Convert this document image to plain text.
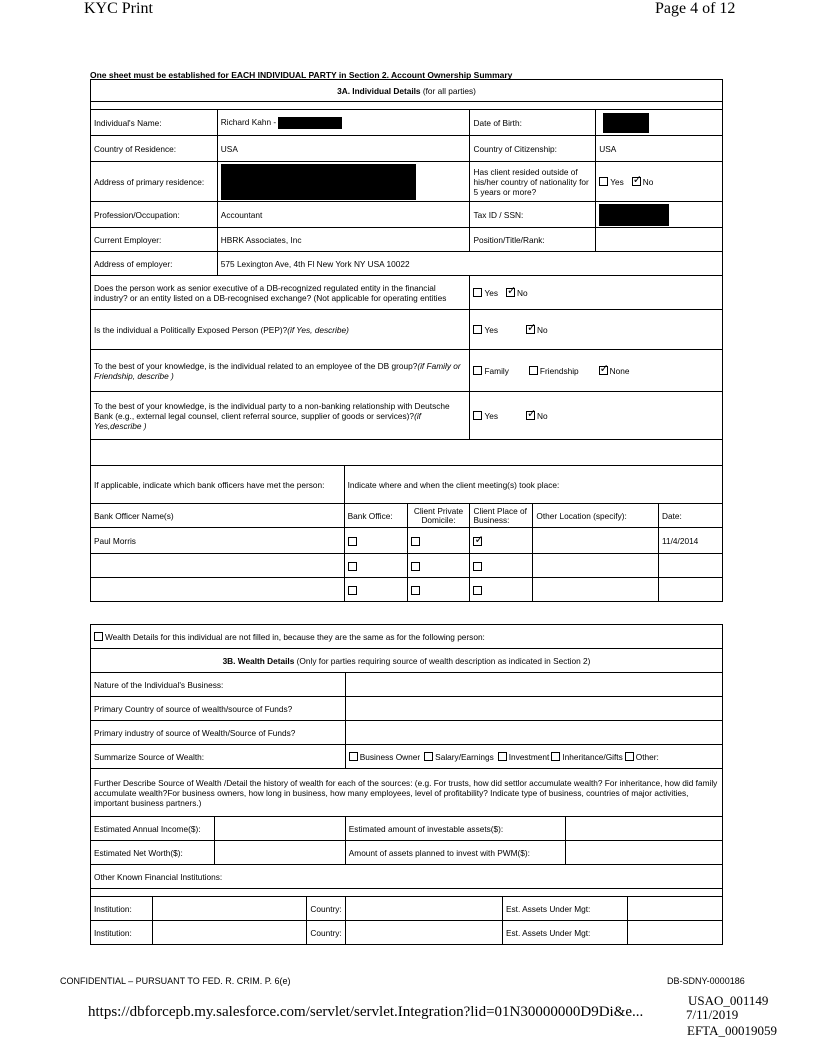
KYC Print	Page 4 of 12
One sheet must be established for EACH INDIVIDUAL PARTY in Section 2. Account Ownership Summary
3A. Individual Details (for all parties)							

Individual's Name:	Richard Kahn -			Date of Birth:			
Country of Residence:	USA			Country of Citizenship:		USA	
Address of primary residence:				Has client resided outside of his/her country of nationality for 5 years or more?		Yes ✓ No
Profession/Occupation:	Accountant			Tax ID / SSN:			
Current Employer:	HBRK Associates, Inc			Position/Title/Rank:			
Address of employer:	575 Lexington Ave, 4th Fl New York NY USA 10022						
Does the person work as senior executive of a DB-recognized regulated entity in the financial industry? or an entity listed on a DB-recognised exchange? (Not applicable for operating entities				Yes ✓ No
Is the individual a Politically Exposed Person (PEP)?(if Yes, describe)				Yes ✓ No
To the best of your knowledge, is the individual related to an employee of the DB group?(if Family or Friendship, describe )				Family Friendship ✓ None
To the best of your knowledge, is the individual party to a non-banking relationship with Deutsche Bank (e.g., external legal counsel, client referral source, supplier of goods or services)?(if Yes,describe )				Yes ✓ No

If applicable, indicate which bank officers have met the person:		Indicate where and when the client meeting(s) took place:					
Bank Officer Name(s)		Bank Office:	Client Private Domicile:	Client Place of Business:	Other Location (specify):		Date:
Paul Morris			✓				11/4/2014

Wealth Details for this individual are not filled in, because they are the same as for the following person:							
3B. Wealth Details (Only for parties requiring source of wealth description as indicated in Section 2)							
Nature of the Individual's Business:							
Primary Country of source of wealth/source of Funds?							
Primary industry of source of Wealth/Source of Funds?							
Summarize Source of Wealth:				Business Owner Salary/Earnings Investment Inheritance/Gifts Other:			
Further Describe Source of Wealth /Detail the history of wealth for each of the sources: (e.g. For trusts, how did settlor accumulate wealth? For inheritance, how did family accumulate wealth?For business owners, how long in business, how many employees, level of profitability? Indicate type of business, countries of major activities, important business partners.)							
Estimated Annual Income($):				Estimated amount of investable assets($):			
Estimated Net Worth($):				Amount of assets planned to invest with PWM($):			
Other Known Financial Institutions:							

Institution:			Country:		Est. Assets Under Mgt:		
Institution:			Country:		Est. Assets Under Mgt:		
CONFIDENTIAL – PURSUANT TO FED. R. CRIM. P. 6(e)	DB-SDNY-0000186
https://dbforcepb.my.salesforce.com/servlet/servlet.Integration?lid=01N30000000D9Di&e...
USAO_001149
7/11/2019
EFTA_00019059
